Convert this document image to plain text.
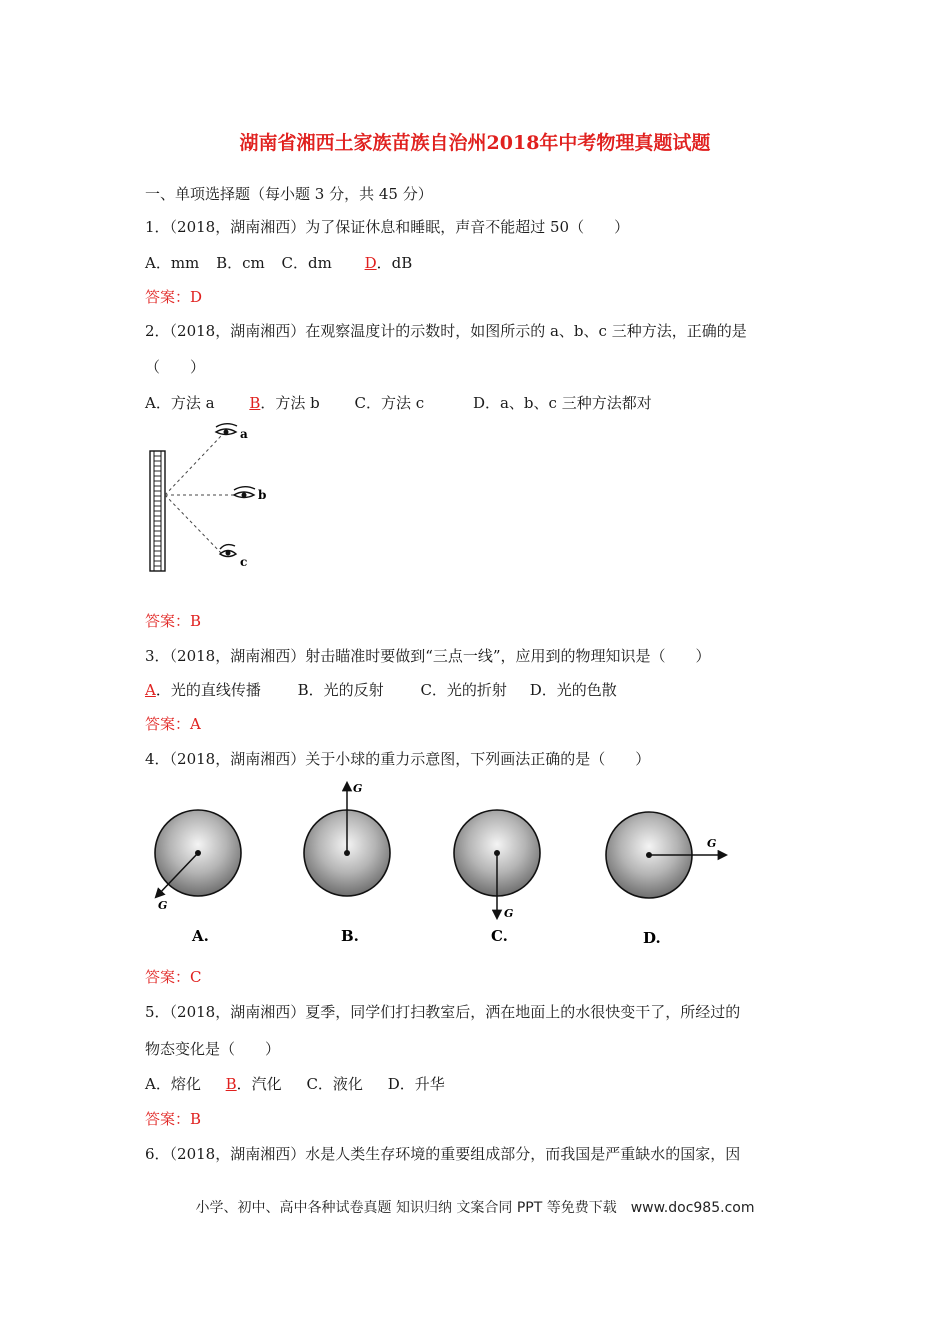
湖南省湘西土家族苗族自治州2018年中考物理真题试题
一、单项选择题（每小题 3 分，共 45 分）
1．（2018，湖南湘西）为了保证休息和睡眠，声音不能超过 50（　　）
A．mm B．cm C．dm D．dB
答案：D
2．（2018，湖南湘西）在观察温度计的示数时，如图所示的 a、b、c 三种方法，正确的是
（　　）
A．方法 a B．方法 b C．方法 c	D．a、b、c 三种方法都对
a
b
c
答案：B
3．（2018，湖南湘西）射击瞄准时要做到“三点一线”，应用到的物理知识是（　　）
A．光的直线传播 B．光的反射 C．光的折射 D．光的色散
答案：A
4．（2018，湖南湘西）关于小球的重力示意图，下列画法正确的是（　　）
G
A.
G
B.
G
C.
G
D.
答案：C
5．（2018，湖南湘西）夏季，同学们打扫教室后，洒在地面上的水很快变干了，所经过的
物态变化是（　　）
A．熔化 B．汽化 C．液化 D．升华
答案：B
6．（2018，湖南湘西）水是人类生存环境的重要组成部分，而我国是严重缺水的国家，因
小学、初中、高中各种试卷真题 知识归纳 文案合同 PPT 等免费下载　www.doc985.com
